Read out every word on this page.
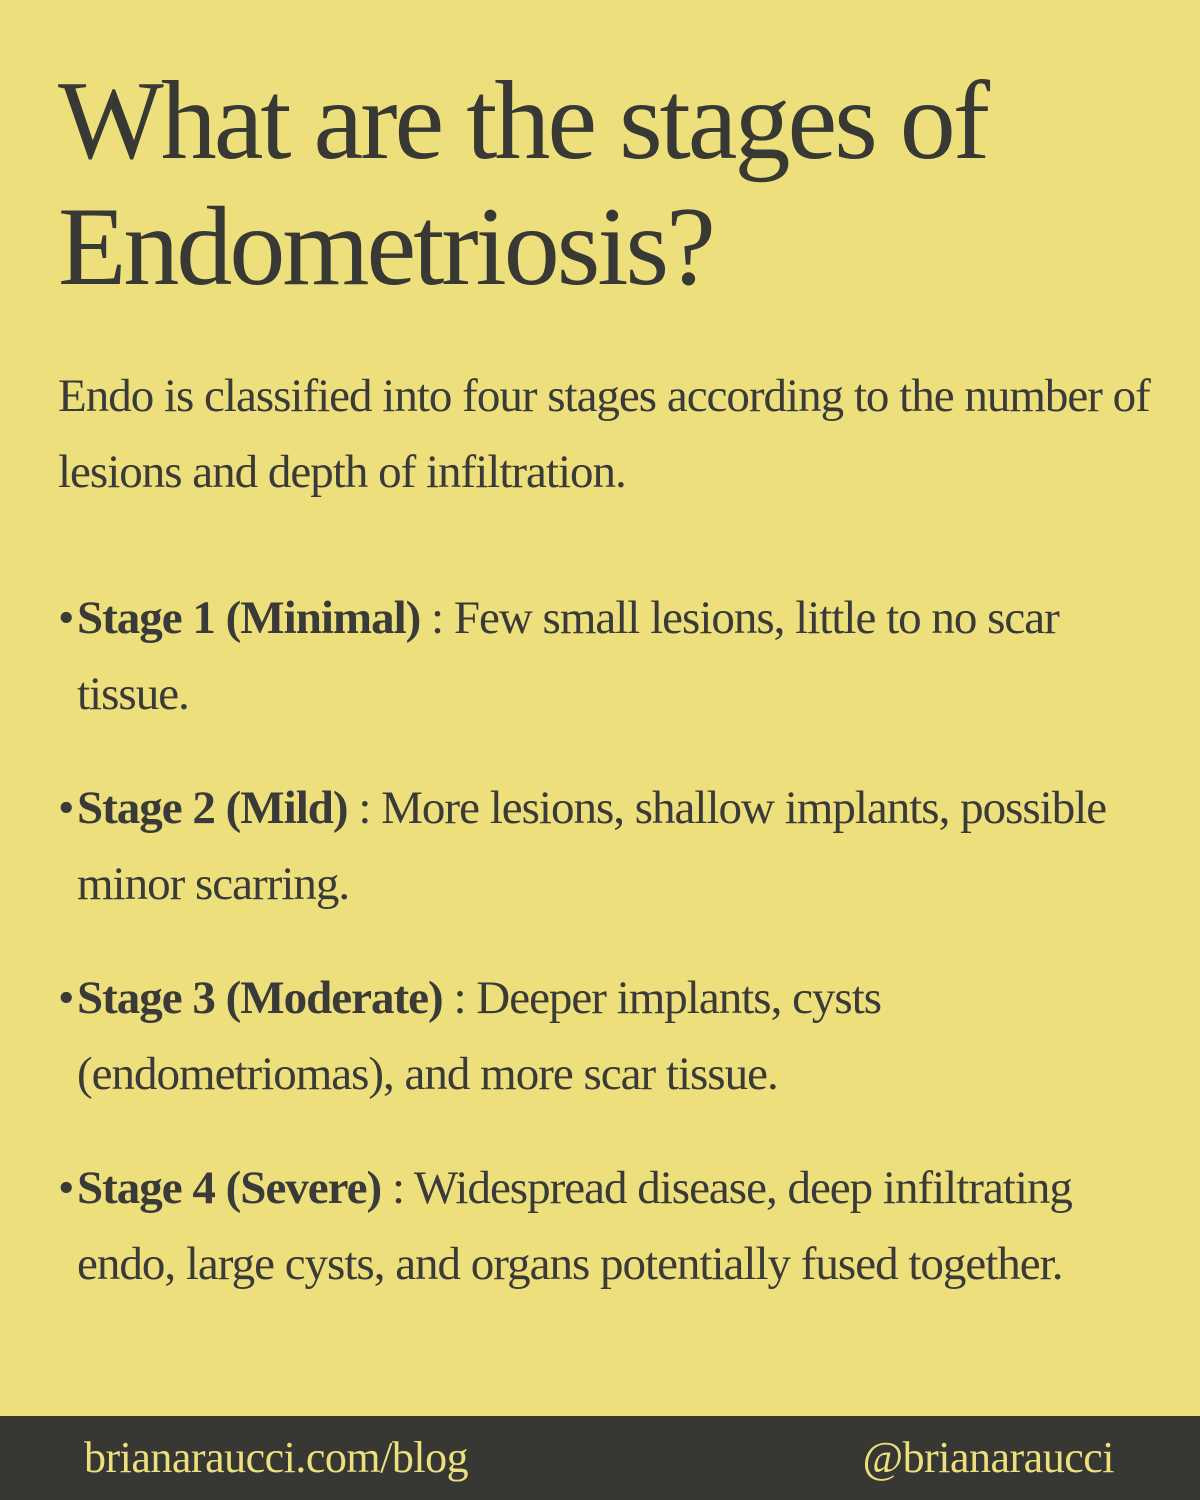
What are the stages of Endometriosis?

Endo is classified into four stages according to the number of lesions and depth of infiltration.

• Stage 1 (Minimal) : Few small lesions, little to no scar tissue.
• Stage 2 (Mild) : More lesions, shallow implants, possible minor scarring.
• Stage 3 (Moderate) : Deeper implants, cysts (endometriomas), and more scar tissue.
• Stage 4 (Severe) : Widespread disease, deep infiltrating endo, large cysts, and organs potentially fused together.
brianaraucci.com/blog	@brianaraucci
